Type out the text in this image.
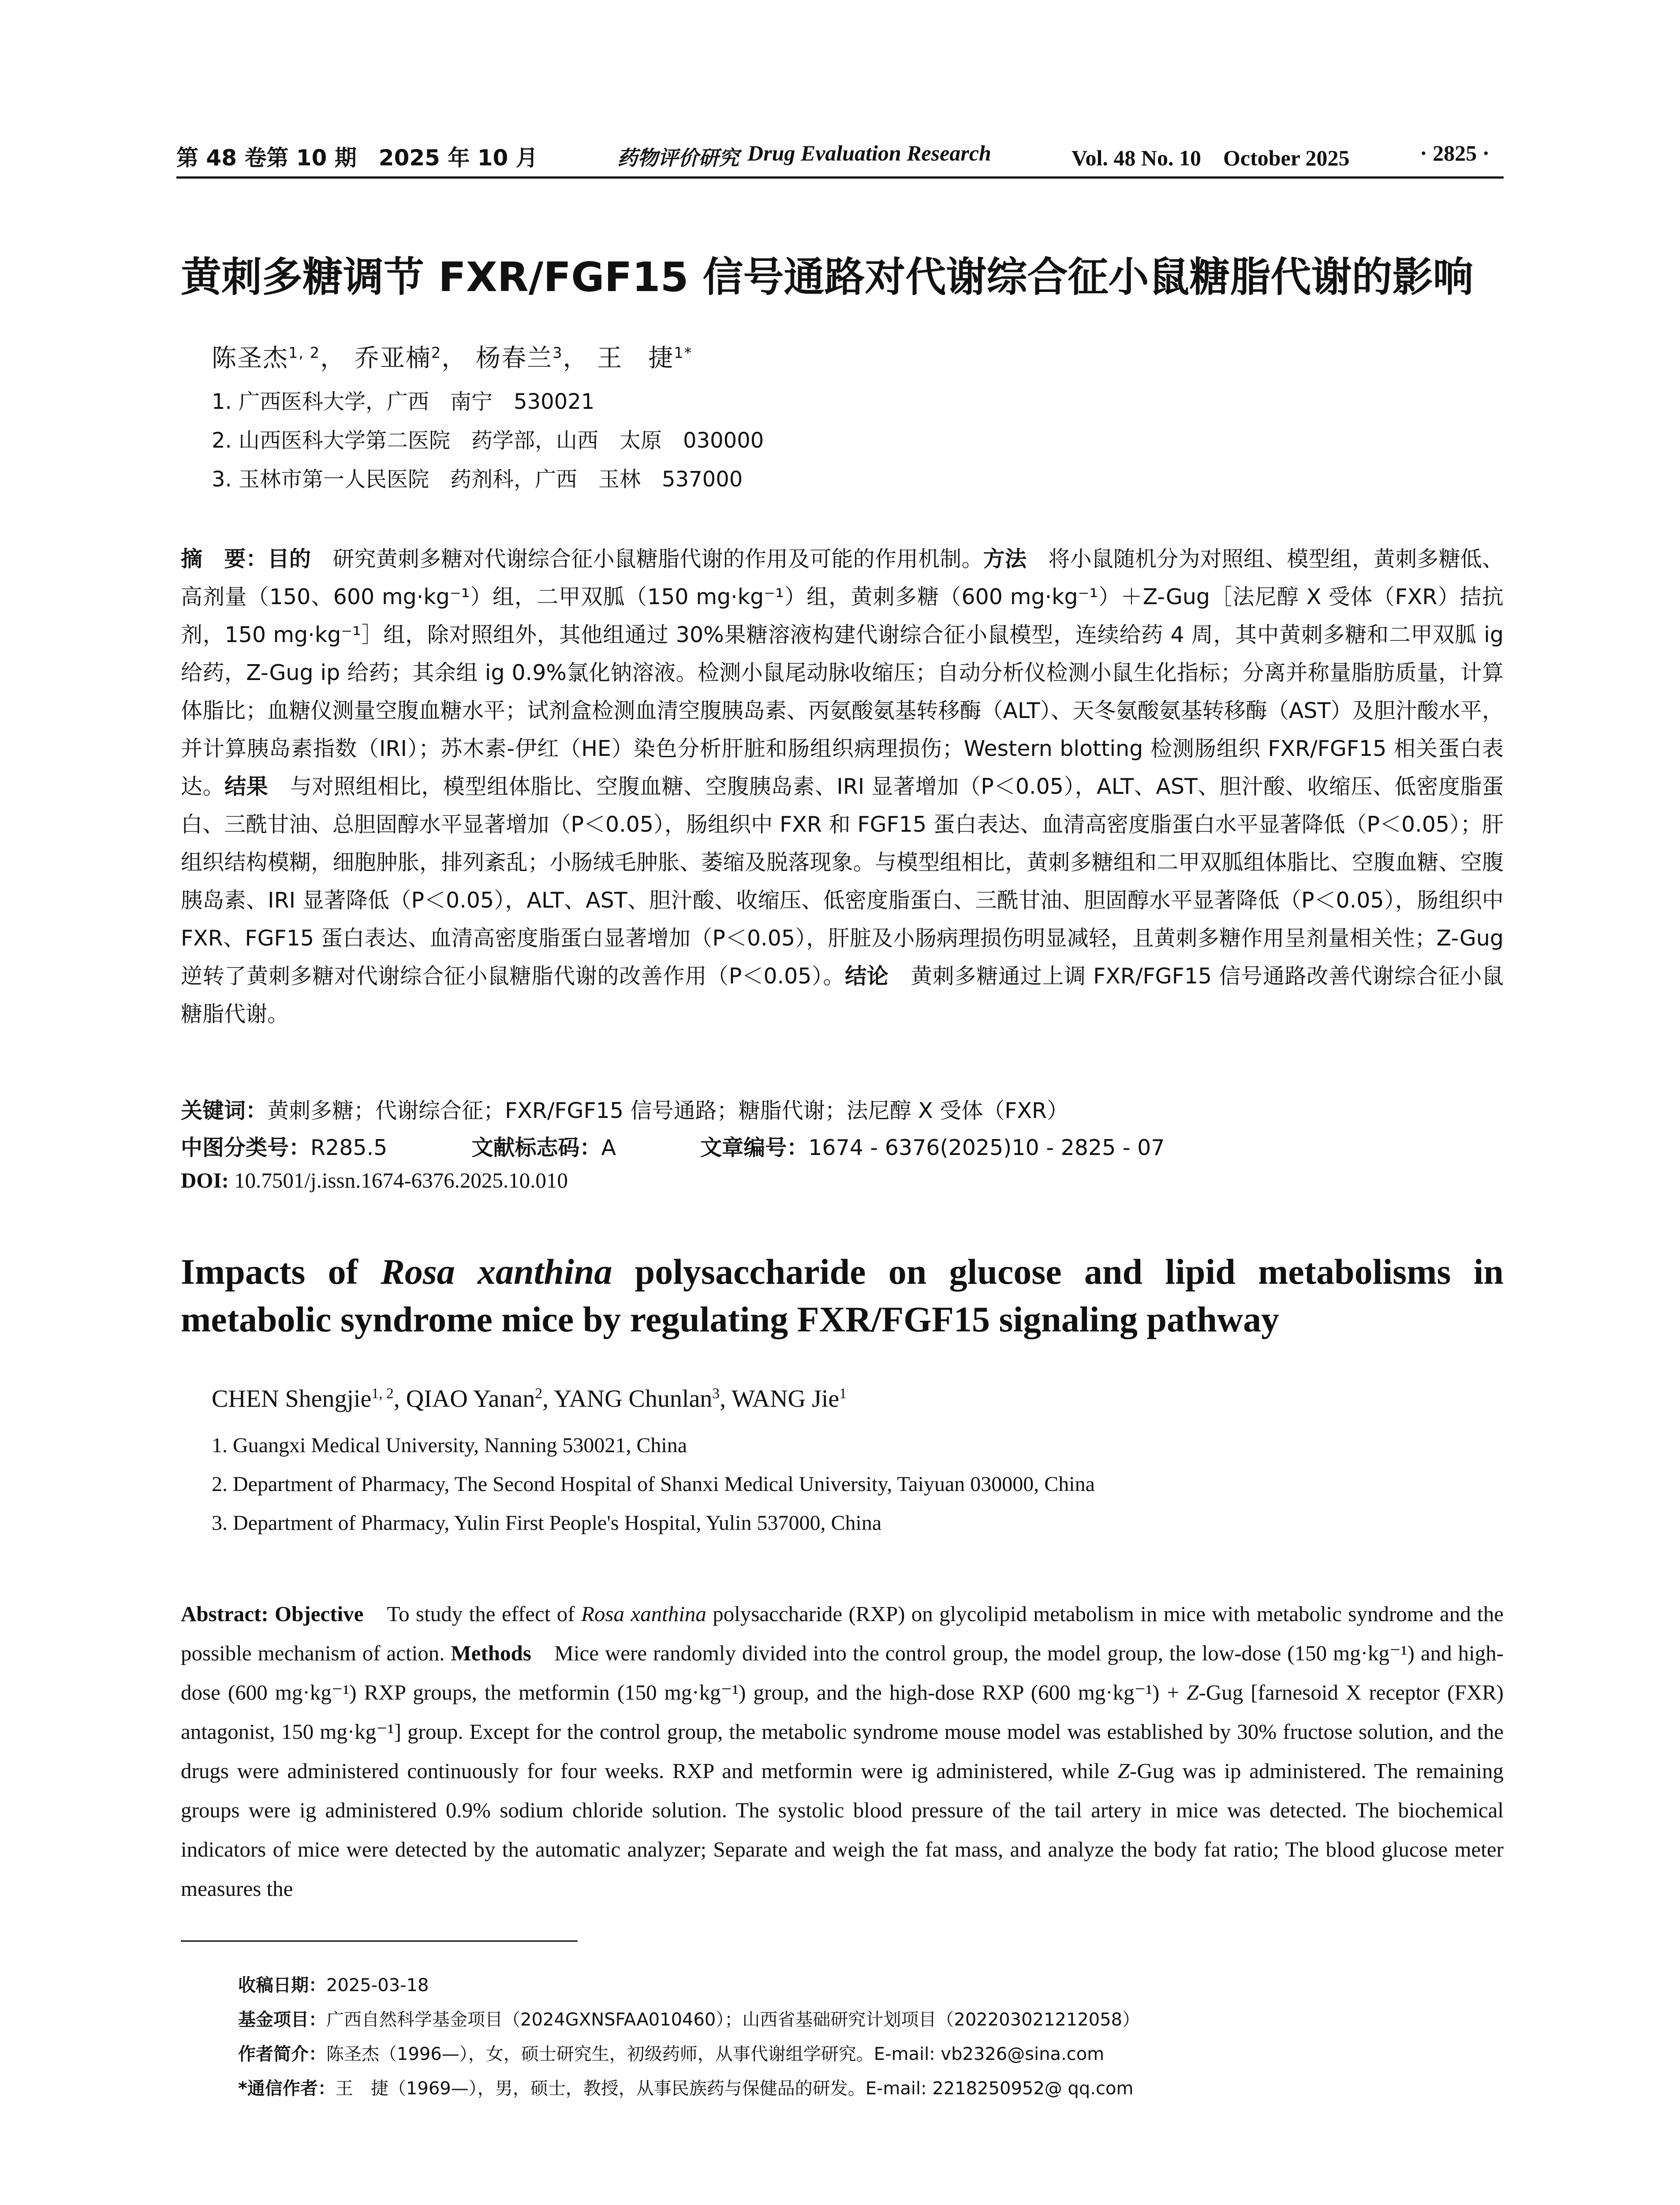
第 48 卷第 10 期　2025 年 10 月	药物评价研究 Drug Evaluation Research	Vol. 48 No. 10　October 2025	· 2825 ·
黄刺多糖调节 FXR/FGF15 信号通路对代谢综合征小鼠糖脂代谢的影响
陈圣杰$^{1, 2}$， 乔亚楠$^2$， 杨春兰$^3$， 王　捷$^{1*}$
1. 广西医科大学，广西　南宁　530021
2. 山西医科大学第二医院　药学部，山西　太原　030000
3. 玉林市第一人民医院　药剂科，广西　玉林　537000
摘　要：目的　研究黄刺多糖对代谢综合征小鼠糖脂代谢的作用及可能的作用机制。方法　将小鼠随机分为对照组、模型组，黄刺多糖低、高剂量（150、600 mg·kg⁻¹）组，二甲双胍（150 mg·kg⁻¹）组，黄刺多糖（600 mg·kg⁻¹）＋Z-Gug［法尼醇 X 受体（FXR）拮抗剂，150 mg·kg⁻¹］组，除对照组外，其他组通过 30%果糖溶液构建代谢综合征小鼠模型，连续给药 4 周，其中黄刺多糖和二甲双胍 ig 给药，Z-Gug ip 给药；其余组 ig 0.9%氯化钠溶液。检测小鼠尾动脉收缩压；自动分析仪检测小鼠生化指标；分离并称量脂肪质量，计算体脂比；血糖仪测量空腹血糖水平；试剂盒检测血清空腹胰岛素、丙氨酸氨基转移酶（ALT）、天冬氨酸氨基转移酶（AST）及胆汁酸水平，并计算胰岛素指数（IRI）；苏木素-伊红（HE）染色分析肝脏和肠组织病理损伤；Western blotting 检测肠组织 FXR/FGF15 相关蛋白表达。结果　与对照组相比，模型组体脂比、空腹血糖、空腹胰岛素、IRI 显著增加（P＜0.05），ALT、AST、胆汁酸、收缩压、低密度脂蛋白、三酰甘油、总胆固醇水平显著增加（P＜0.05），肠组织中 FXR 和 FGF15 蛋白表达、血清高密度脂蛋白水平显著降低（P＜0.05）；肝组织结构模糊，细胞肿胀，排列紊乱；小肠绒毛肿胀、萎缩及脱落现象。与模型组相比，黄刺多糖组和二甲双胍组体脂比、空腹血糖、空腹胰岛素、IRI 显著降低（P＜0.05），ALT、AST、胆汁酸、收缩压、低密度脂蛋白、三酰甘油、胆固醇水平显著降低（P＜0.05），肠组织中 FXR、FGF15 蛋白表达、血清高密度脂蛋白显著增加（P＜0.05），肝脏及小肠病理损伤明显减轻，且黄刺多糖作用呈剂量相关性；Z-Gug 逆转了黄刺多糖对代谢综合征小鼠糖脂代谢的改善作用（P＜0.05）。结论　黄刺多糖通过上调 FXR/FGF15 信号通路改善代谢综合征小鼠糖脂代谢。
关键词：黄刺多糖；代谢综合征；FXR/FGF15 信号通路；糖脂代谢；法尼醇 X 受体（FXR）
中图分类号：R285.5	文献标志码：A	文章编号：1674 - 6376(2025)10 - 2825 - 07
DOI: 10.7501/j.issn.1674-6376.2025.10.010
Impacts of Rosa xanthina polysaccharide on glucose and lipid metabolisms in metabolic syndrome mice by regulating FXR/FGF15 signaling pathway
CHEN Shengjie$^{1, 2}$, QIAO Yanan$^2$, YANG Chunlan$^3$, WANG Jie$^1$
1. Guangxi Medical University, Nanning 530021, China
2. Department of Pharmacy, The Second Hospital of Shanxi Medical University, Taiyuan 030000, China
3. Department of Pharmacy, Yulin First People's Hospital, Yulin 537000, China
Abstract: Objective　To study the effect of Rosa xanthina polysaccharide (RXP) on glycolipid metabolism in mice with metabolic syndrome and the possible mechanism of action. Methods　Mice were randomly divided into the control group, the model group, the low-dose (150 mg·kg⁻¹) and high-dose (600 mg·kg⁻¹) RXP groups, the metformin (150 mg·kg⁻¹) group, and the high-dose RXP (600 mg·kg⁻¹) + Z-Gug [farnesoid X receptor (FXR) antagonist, 150 mg·kg⁻¹] group. Except for the control group, the metabolic syndrome mouse model was established by 30% fructose solution, and the drugs were administered continuously for four weeks. RXP and metformin were ig administered, while Z-Gug was ip administered. The remaining groups were ig administered 0.9% sodium chloride solution. The systolic blood pressure of the tail artery in mice was detected. The biochemical indicators of mice were detected by the automatic analyzer; Separate and weigh the fat mass, and analyze the body fat ratio; The blood glucose meter measures the
收稿日期：2025-03-18
基金项目：广西自然科学基金项目（2024GXNSFAA010460）；山西省基础研究计划项目（202203021212058）
作者简介：陈圣杰（1996—），女，硕士研究生，初级药师，从事代谢组学研究。E-mail: vb2326@sina.com
*通信作者：王　捷（1969—），男，硕士，教授，从事民族药与保健品的研发。E-mail: 2218250952@ qq.com
